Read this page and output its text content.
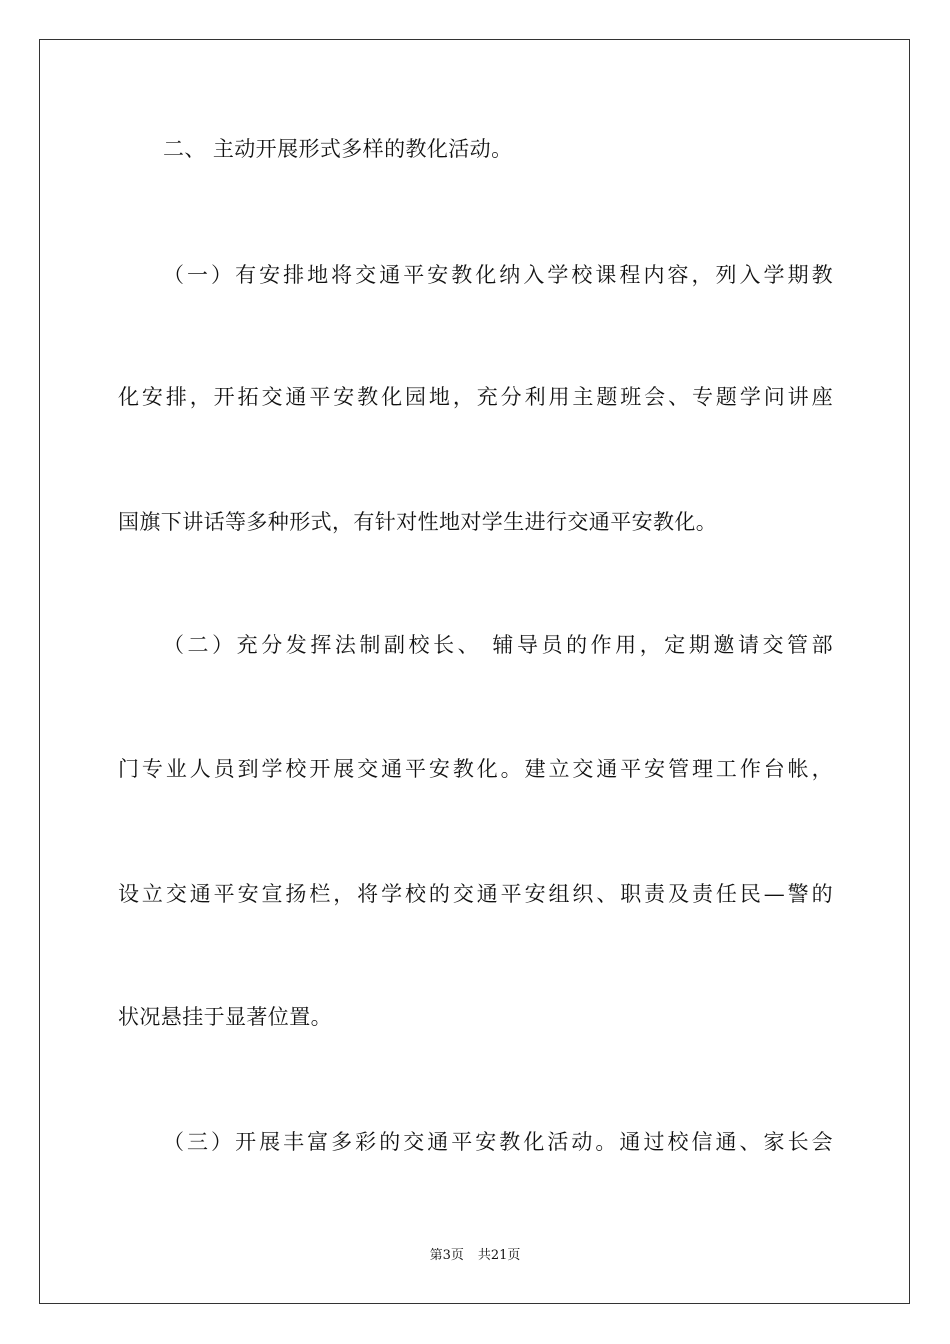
二、 主动开展形式多样的教化活动。
（一）有安排地将交通平安教化纳入学校课程内容，列入学期教
化安排，开拓交通平安教化园地，充分利用主题班会、专题学问讲座
国旗下讲话等多种形式，有针对性地对学生进行交通平安教化。
（二）充分发挥法制副校长、 辅导员的作用，定期邀请交管部
门专业人员到学校开展交通平安教化。建立交通平安管理工作台帐，
设立交通平安宣扬栏，将学校的交通平安组织、职责及责任民—警的
状况悬挂于显著位置。
（三）开展丰富多彩的交通平安教化活动。通过校信通、家长会
第3页 共21页
